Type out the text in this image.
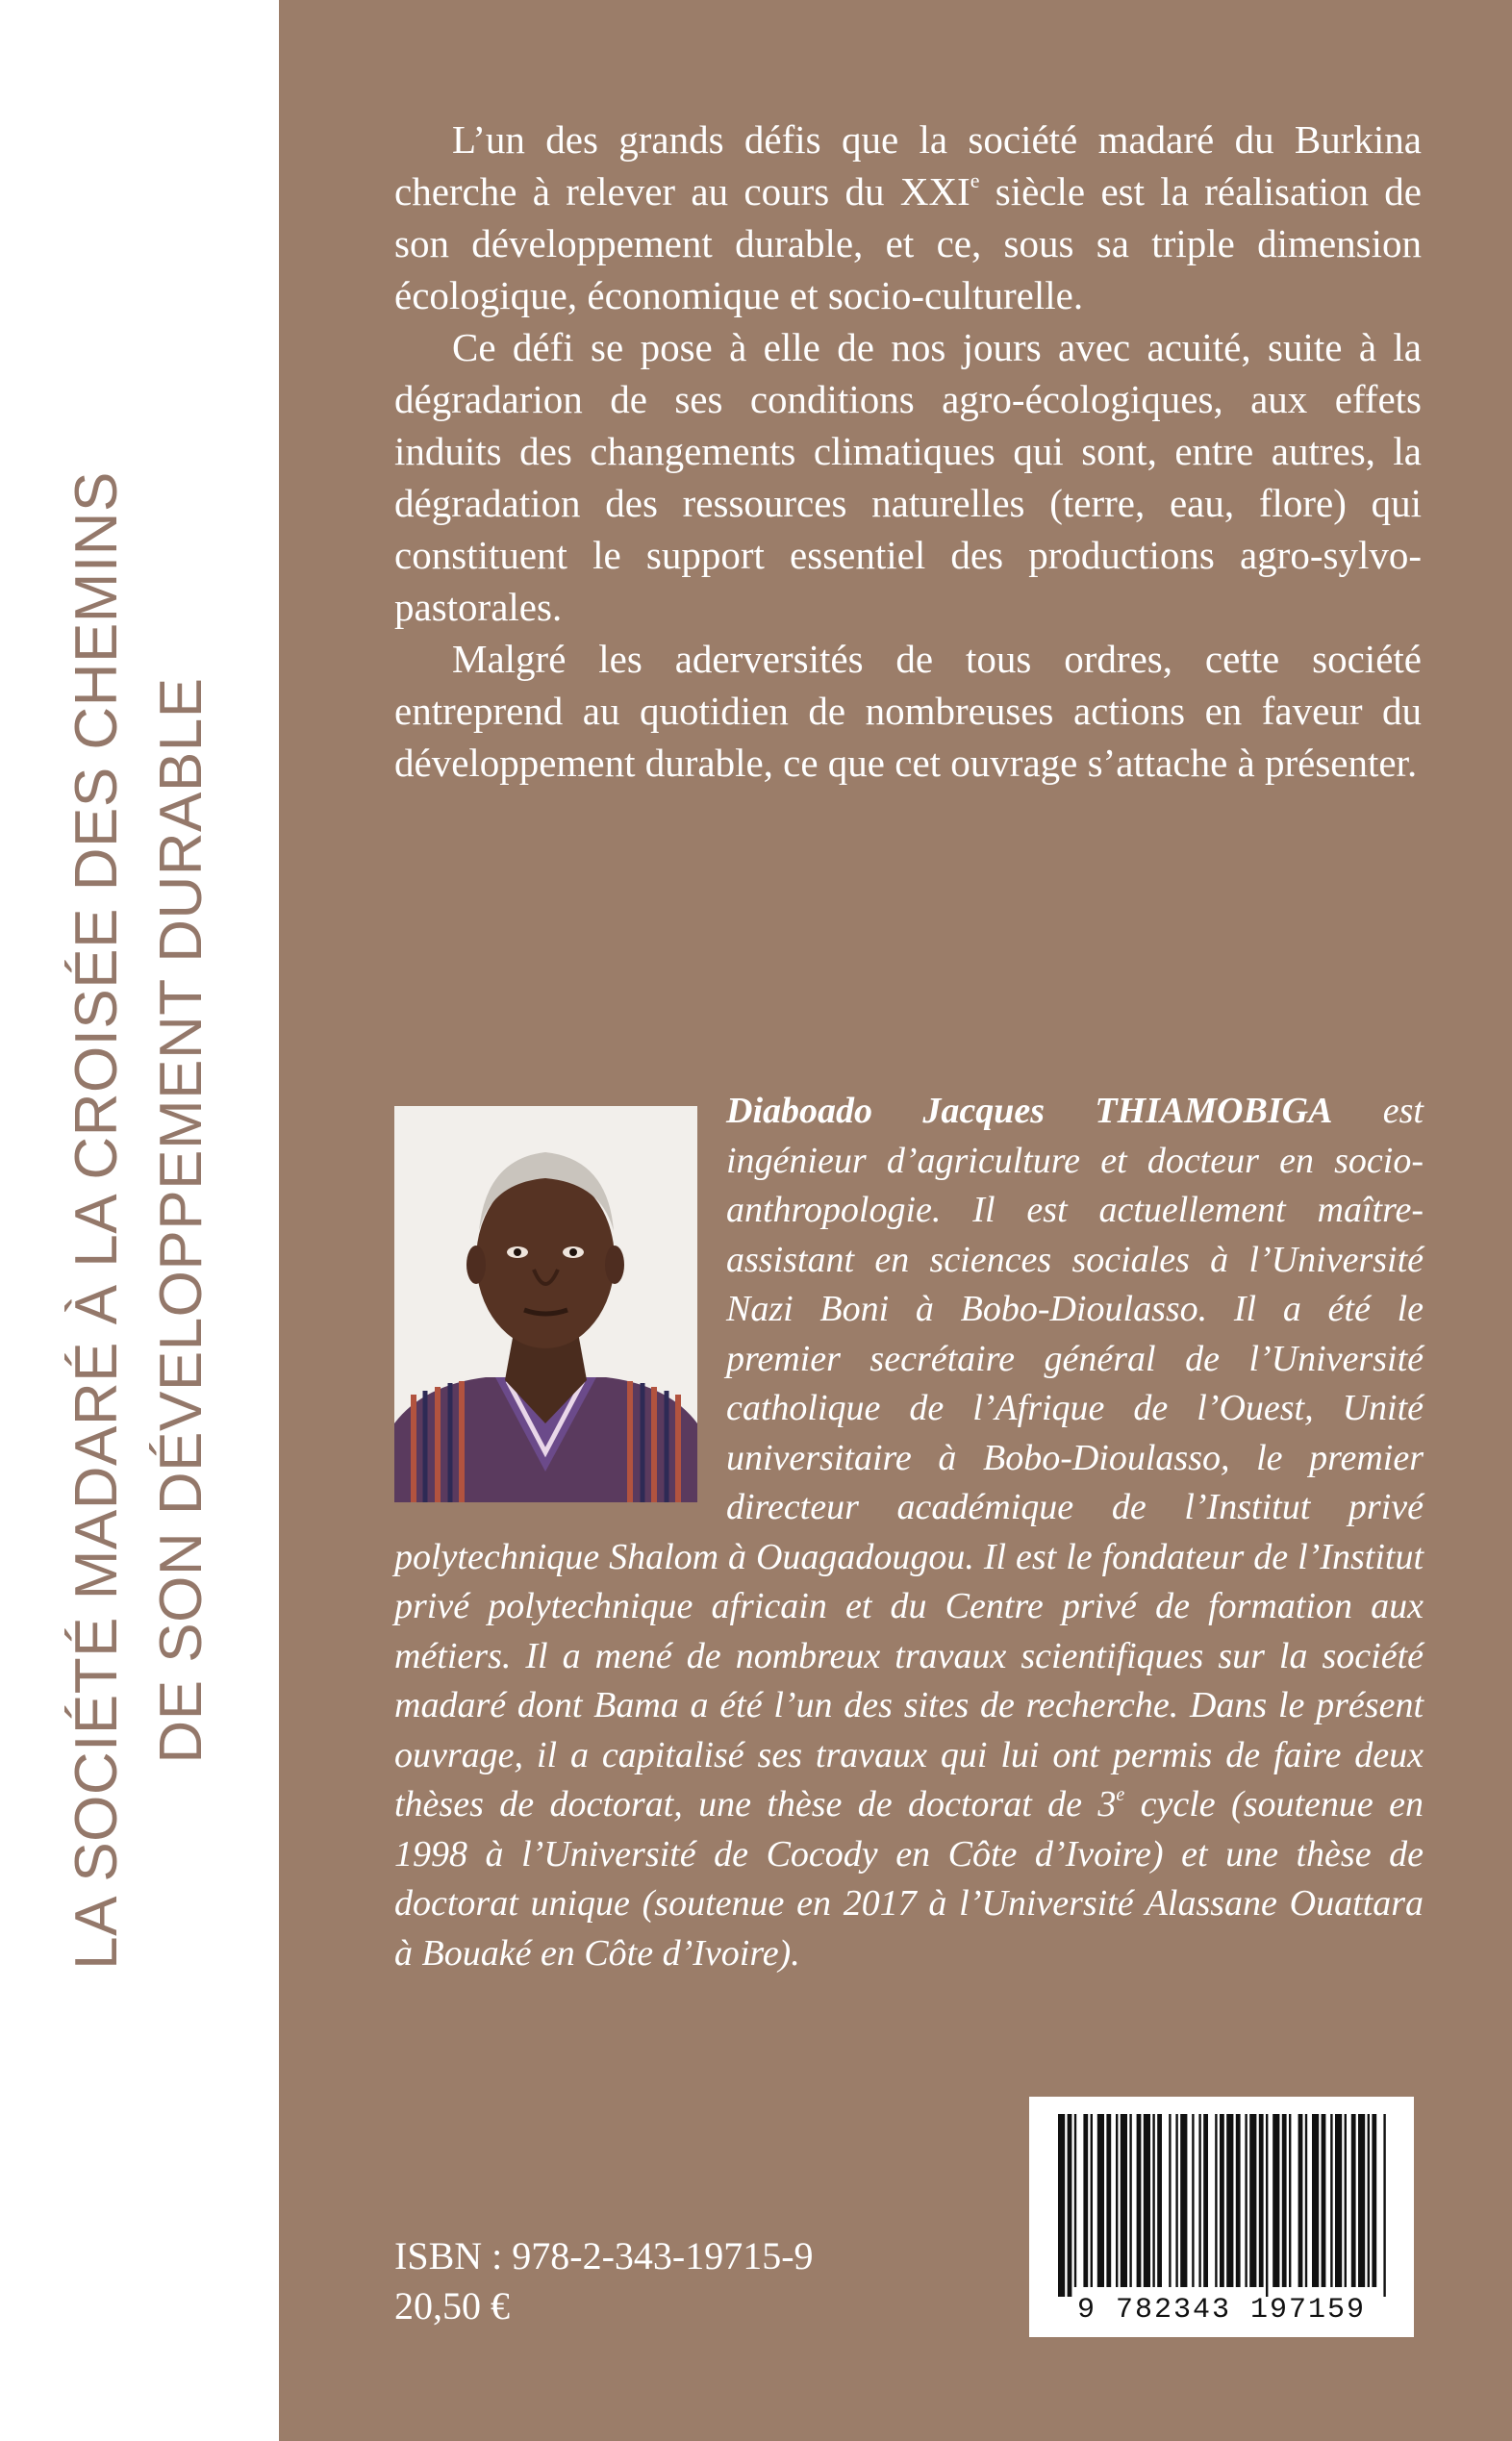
LA SOCIÉTÉ MADARÉ À LA CROISÉE DES CHEMINS DE SON DÉVELOPPEMENT DURABLE

L’un des grands défis que la société madaré du Burkina cherche à relever au cours du XXIe siècle est la réalisation de son développement durable, et ce, sous sa triple dimension écologique, économique et socio-culturelle.

Ce défi se pose à elle de nos jours avec acuité, suite à la dégradarion de ses conditions agro-écologiques, aux effets induits des changements climatiques qui sont, entre autres, la dégradation des ressources naturelles (terre, eau, flore) qui constituent le support essentiel des productions agro-sylvo-pastorales.

Malgré les aderversités de tous ordres, cette société entreprend au quotidien de nombreuses actions en faveur du développement durable, ce que cet ouvrage s’attache à présenter.

Diaboado Jacques THIAMOBIGA est ingénieur d’agriculture et docteur en socio-anthropologie. Il est actuellement maître-assistant en sciences sociales à l’Université Nazi Boni à Bobo-Dioulasso. Il a été le premier secrétaire général de l’Université catholique de l’Afrique de l’Ouest, Unité universitaire à Bobo-Dioulasso, le premier directeur académique de l’Institut privé polytechnique Shalom à Ouagadougou. Il est le fondateur de l’Institut privé polytechnique africain et du Centre privé de formation aux métiers. Il a mené de nombreux travaux scientifiques sur la société madaré dont Bama a été l’un des sites de recherche. Dans le présent ouvrage, il a capitalisé ses travaux qui lui ont permis de faire deux thèses de doctorat, une thèse de doctorat de 3e cycle (soutenue en 1998 à l’Université de Cocody en Côte d’Ivoire) et une thèse de doctorat unique (soutenue en 2017 à l’Université Alassane Ouattara à Bouaké en Côte d’Ivoire).
ISBN : 978-2-343-19715-9
20,50 €	9 782343 197159
